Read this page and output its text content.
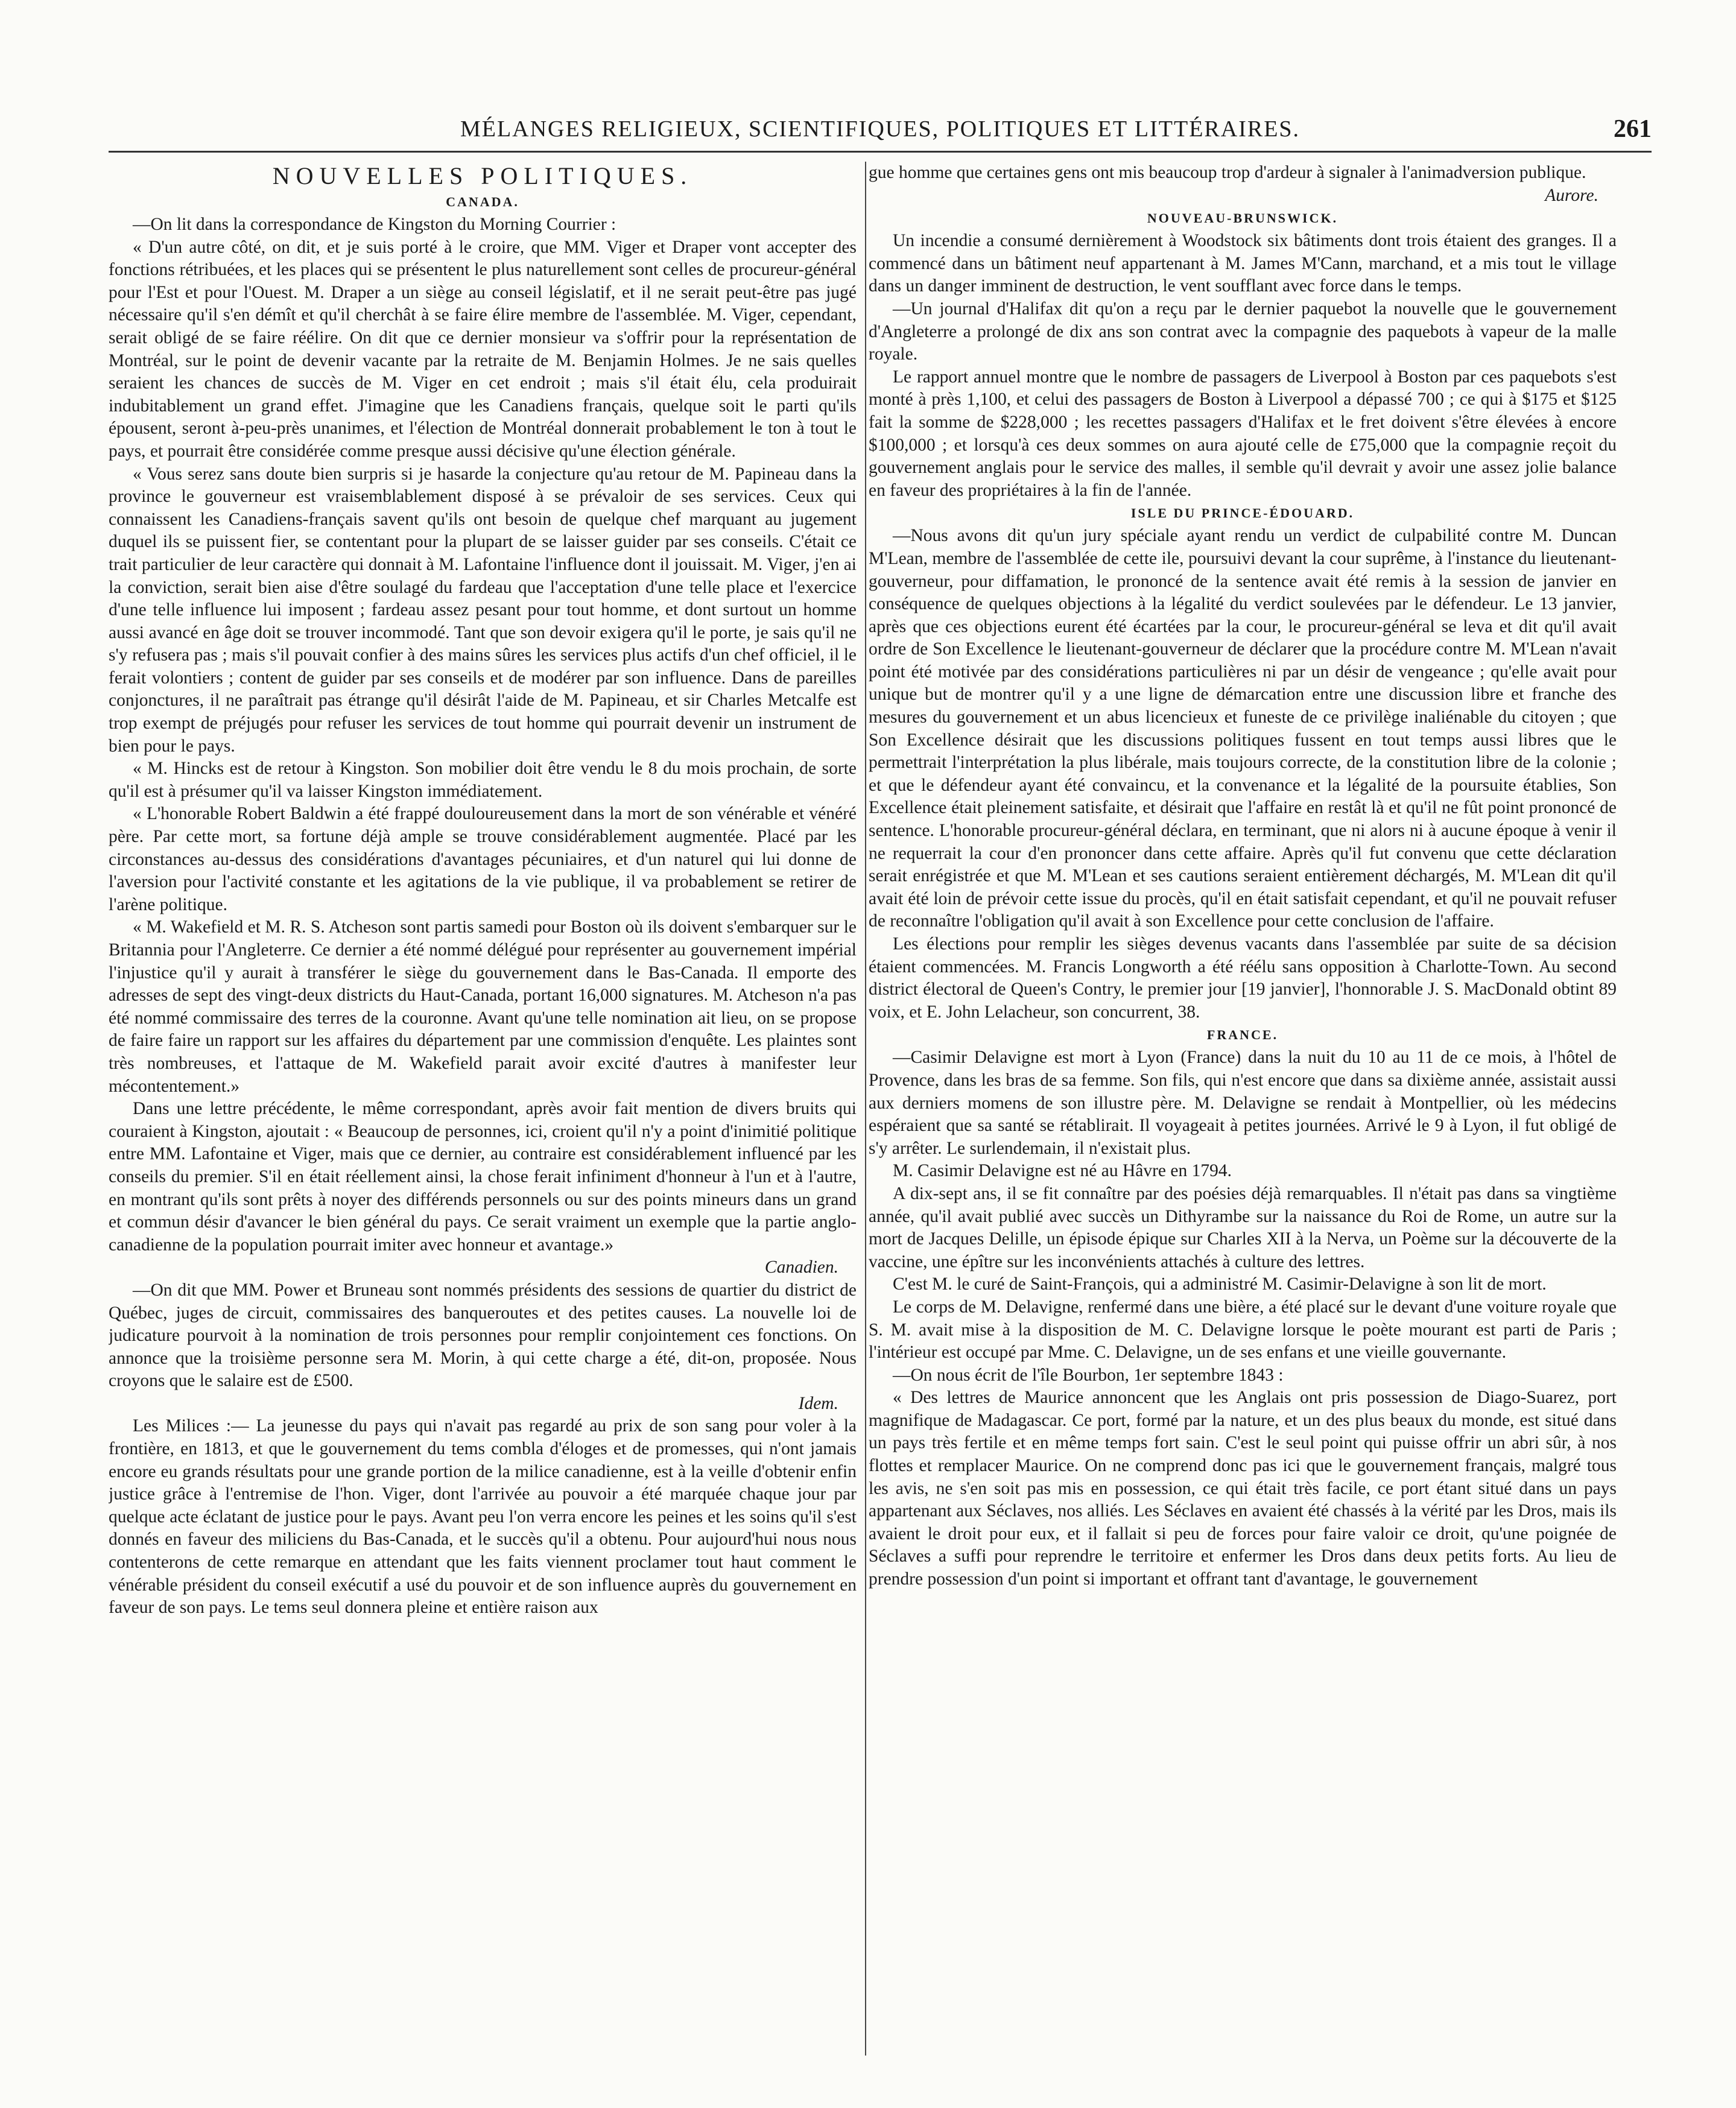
MÉLANGES RELIGIEUX, SCIENTIFIQUES, POLITIQUES ET LITTÉRAIRES.	261
NOUVELLES POLITIQUES.
CANADA.

—On lit dans la correspondance de Kingston du Morning Courrier :

« D'un autre côté, on dit, et je suis porté à le croire, que MM. Viger et Draper vont accepter des fonctions rétribuées, et les places qui se présentent le plus naturellement sont celles de procureur-général pour l'Est et pour l'Ouest. M. Draper a un siège au conseil législatif, et il ne serait peut-être pas jugé nécessaire qu'il s'en démît et qu'il cherchât à se faire élire membre de l'assemblée. M. Viger, cependant, serait obligé de se faire réélire. On dit que ce dernier monsieur va s'offrir pour la représentation de Montréal, sur le point de devenir vacante par la retraite de M. Benjamin Holmes. Je ne sais quelles seraient les chances de succès de M. Viger en cet endroit ; mais s'il était élu, cela produirait indubitablement un grand effet. J'imagine que les Canadiens français, quelque soit le parti qu'ils épousent, seront à-peu-près unanimes, et l'élection de Montréal donnerait probablement le ton à tout le pays, et pourrait être considérée comme presque aussi décisive qu'une élection générale.

« Vous serez sans doute bien surpris si je hasarde la conjecture qu'au retour de M. Papineau dans la province le gouverneur est vraisemblablement disposé à se prévaloir de ses services. Ceux qui connaissent les Canadiens-français savent qu'ils ont besoin de quelque chef marquant au jugement duquel ils se puissent fier, se contentant pour la plupart de se laisser guider par ses conseils. C'était ce trait particulier de leur caractère qui donnait à M. Lafontaine l'influence dont il jouissait. M. Viger, j'en ai la conviction, serait bien aise d'être soulagé du fardeau que l'acceptation d'une telle place et l'exercice d'une telle influence lui imposent ; fardeau assez pesant pour tout homme, et dont surtout un homme aussi avancé en âge doit se trouver incommodé. Tant que son devoir exigera qu'il le porte, je sais qu'il ne s'y refusera pas ; mais s'il pouvait confier à des mains sûres les services plus actifs d'un chef officiel, il le ferait volontiers ; content de guider par ses conseils et de modérer par son influence. Dans de pareilles conjonctures, il ne paraîtrait pas étrange qu'il désirât l'aide de M. Papineau, et sir Charles Metcalfe est trop exempt de préjugés pour refuser les services de tout homme qui pourrait devenir un instrument de bien pour le pays.

« M. Hincks est de retour à Kingston. Son mobilier doit être vendu le 8 du mois prochain, de sorte qu'il est à présumer qu'il va laisser Kingston immédiatement.

« L'honorable Robert Baldwin a été frappé douloureusement dans la mort de son vénérable et vénéré père. Par cette mort, sa fortune déjà ample se trouve considérablement augmentée. Placé par les circonstances au-dessus des considérations d'avantages pécuniaires, et d'un naturel qui lui donne de l'aversion pour l'activité constante et les agitations de la vie publique, il va probablement se retirer de l'arène politique.

« M. Wakefield et M. R. S. Atcheson sont partis samedi pour Boston où ils doivent s'embarquer sur le Britannia pour l'Angleterre. Ce dernier a été nommé délégué pour représenter au gouvernement impérial l'injustice qu'il y aurait à transférer le siège du gouvernement dans le Bas-Canada. Il emporte des adresses de sept des vingt-deux districts du Haut-Canada, portant 16,000 signatures. M. Atcheson n'a pas été nommé commissaire des terres de la couronne. Avant qu'une telle nomination ait lieu, on se propose de faire faire un rapport sur les affaires du département par une commission d'enquête. Les plaintes sont très nombreuses, et l'attaque de M. Wakefield parait avoir excité d'autres à manifester leur mécontentement.»

Dans une lettre précédente, le même correspondant, après avoir fait mention de divers bruits qui couraient à Kingston, ajoutait : « Beaucoup de personnes, ici, croient qu'il n'y a point d'inimitié politique entre MM. Lafontaine et Viger, mais que ce dernier, au contraire est considérablement influencé par les conseils du premier. S'il en était réellement ainsi, la chose ferait infiniment d'honneur à l'un et à l'autre, en montrant qu'ils sont prêts à noyer des différends personnels ou sur des points mineurs dans un grand et commun désir d'avancer le bien général du pays. Ce serait vraiment un exemple que la partie anglo-canadienne de la population pourrait imiter avec honneur et avantage.»

Canadien.

—On dit que MM. Power et Bruneau sont nommés présidents des sessions de quartier du district de Québec, juges de circuit, commissaires des banqueroutes et des petites causes. La nouvelle loi de judicature pourvoit à la nomination de trois personnes pour remplir conjointement ces fonctions. On annonce que la troisième personne sera M. Morin, à qui cette charge a été, dit-on, proposée. Nous croyons que le salaire est de £500.

Idem.

Les Milices :— La jeunesse du pays qui n'avait pas regardé au prix de son sang pour voler à la frontière, en 1813, et que le gouvernement du tems combla d'éloges et de promesses, qui n'ont jamais encore eu grands résultats pour une grande portion de la milice canadienne, est à la veille d'obtenir enfin justice grâce à l'entremise de l'hon. Viger, dont l'arrivée au pouvoir a été marquée chaque jour par quelque acte éclatant de justice pour le pays. Avant peu l'on verra encore les peines et les soins qu'il s'est donnés en faveur des miliciens du Bas-Canada, et le succès qu'il a obtenu. Pour aujourd'hui nous nous contenterons de cette remarque en attendant que les faits viennent proclamer tout haut comment le vénérable président du conseil exécutif a usé du pouvoir et de son influence auprès du gouvernement en faveur de son pays. Le tems seul donnera pleine et entière raison aux

gue homme que certaines gens ont mis beaucoup trop d'ardeur à signaler à l'animadversion publique.

Aurore.

NOUVEAU-BRUNSWICK.

Un incendie a consumé dernièrement à Woodstock six bâtiments dont trois étaient des granges. Il a commencé dans un bâtiment neuf appartenant à M. James M'Cann, marchand, et a mis tout le village dans un danger imminent de destruction, le vent soufflant avec force dans le temps.

—Un journal d'Halifax dit qu'on a reçu par le dernier paquebot la nouvelle que le gouvernement d'Angleterre a prolongé de dix ans son contrat avec la compagnie des paquebots à vapeur de la malle royale.

Le rapport annuel montre que le nombre de passagers de Liverpool à Boston par ces paquebots s'est monté à près 1,100, et celui des passagers de Boston à Liverpool a dépassé 700 ; ce qui à $175 et $125 fait la somme de $228,000 ; les recettes passagers d'Halifax et le fret doivent s'être élevées à encore $100,000 ; et lorsqu'à ces deux sommes on aura ajouté celle de £75,000 que la compagnie reçoit du gouvernement anglais pour le service des malles, il semble qu'il devrait y avoir une assez jolie balance en faveur des propriétaires à la fin de l'année.

ISLE DU PRINCE-ÉDOUARD.

—Nous avons dit qu'un jury spéciale ayant rendu un verdict de culpabilité contre M. Duncan M'Lean, membre de l'assemblée de cette ile, poursuivi devant la cour suprême, à l'instance du lieutenant-gouverneur, pour diffamation, le prononcé de la sentence avait été remis à la session de janvier en conséquence de quelques objections à la légalité du verdict soulevées par le défendeur. Le 13 janvier, après que ces objections eurent été écartées par la cour, le procureur-général se leva et dit qu'il avait ordre de Son Excellence le lieutenant-gouverneur de déclarer que la procédure contre M. M'Lean n'avait point été motivée par des considérations particulières ni par un désir de vengeance ; qu'elle avait pour unique but de montrer qu'il y a une ligne de démarcation entre une discussion libre et franche des mesures du gouvernement et un abus licencieux et funeste de ce privilège inaliénable du citoyen ; que Son Excellence désirait que les discussions politiques fussent en tout temps aussi libres que le permettrait l'interprétation la plus libérale, mais toujours correcte, de la constitution libre de la colonie ; et que le défendeur ayant été convaincu, et la convenance et la légalité de la poursuite établies, Son Excellence était pleinement satisfaite, et désirait que l'affaire en restât là et qu'il ne fût point prononcé de sentence. L'honorable procureur-général déclara, en terminant, que ni alors ni à aucune époque à venir il ne requerrait la cour d'en prononcer dans cette affaire. Après qu'il fut convenu que cette déclaration serait enrégistrée et que M. M'Lean et ses cautions seraient entièrement déchargés, M. M'Lean dit qu'il avait été loin de prévoir cette issue du procès, qu'il en était satisfait cependant, et qu'il ne pouvait refuser de reconnaître l'obligation qu'il avait à son Excellence pour cette conclusion de l'affaire.

Les élections pour remplir les sièges devenus vacants dans l'assemblée par suite de sa décision étaient commencées. M. Francis Longworth a été réélu sans opposition à Charlotte-Town. Au second district électoral de Queen's Contry, le premier jour [19 janvier], l'honnorable J. S. MacDonald obtint 89 voix, et E. John Lelacheur, son concurrent, 38.

FRANCE.

—Casimir Delavigne est mort à Lyon (France) dans la nuit du 10 au 11 de ce mois, à l'hôtel de Provence, dans les bras de sa femme. Son fils, qui n'est encore que dans sa dixième année, assistait aussi aux derniers momens de son illustre père. M. Delavigne se rendait à Montpellier, où les médecins espéraient que sa santé se rétablirait. Il voyageait à petites journées. Arrivé le 9 à Lyon, il fut obligé de s'y arrêter. Le surlendemain, il n'existait plus.

M. Casimir Delavigne est né au Hâvre en 1794.

A dix-sept ans, il se fit connaître par des poésies déjà remarquables. Il n'était pas dans sa vingtième année, qu'il avait publié avec succès un Dithyrambe sur la naissance du Roi de Rome, un autre sur la mort de Jacques Delille, un épisode épique sur Charles XII à la Nerva, un Poème sur la découverte de la vaccine, une épître sur les inconvénients attachés à culture des lettres.

C'est M. le curé de Saint-François, qui a administré M. Casimir-Delavigne à son lit de mort.

Le corps de M. Delavigne, renfermé dans une bière, a été placé sur le devant d'une voiture royale que S. M. avait mise à la disposition de M. C. Delavigne lorsque le poète mourant est parti de Paris ; l'intérieur est occupé par Mme. C. Delavigne, un de ses enfans et une vieille gouvernante.

—On nous écrit de l'île Bourbon, 1er septembre 1843 :

« Des lettres de Maurice annoncent que les Anglais ont pris possession de Diago-Suarez, port magnifique de Madagascar. Ce port, formé par la nature, et un des plus beaux du monde, est situé dans un pays très fertile et en même temps fort sain. C'est le seul point qui puisse offrir un abri sûr, à nos flottes et remplacer Maurice. On ne comprend donc pas ici que le gouvernement français, malgré tous les avis, ne s'en soit pas mis en possession, ce qui était très facile, ce port étant situé dans un pays appartenant aux Séclaves, nos alliés. Les Séclaves en avaient été chassés à la vérité par les Dros, mais ils avaient le droit pour eux, et il fallait si peu de forces pour faire valoir ce droit, qu'une poignée de Séclaves a suffi pour reprendre le territoire et enfermer les Dros dans deux petits forts. Au lieu de prendre possession d'un point si important et offrant tant d'avantage, le gouvernement
